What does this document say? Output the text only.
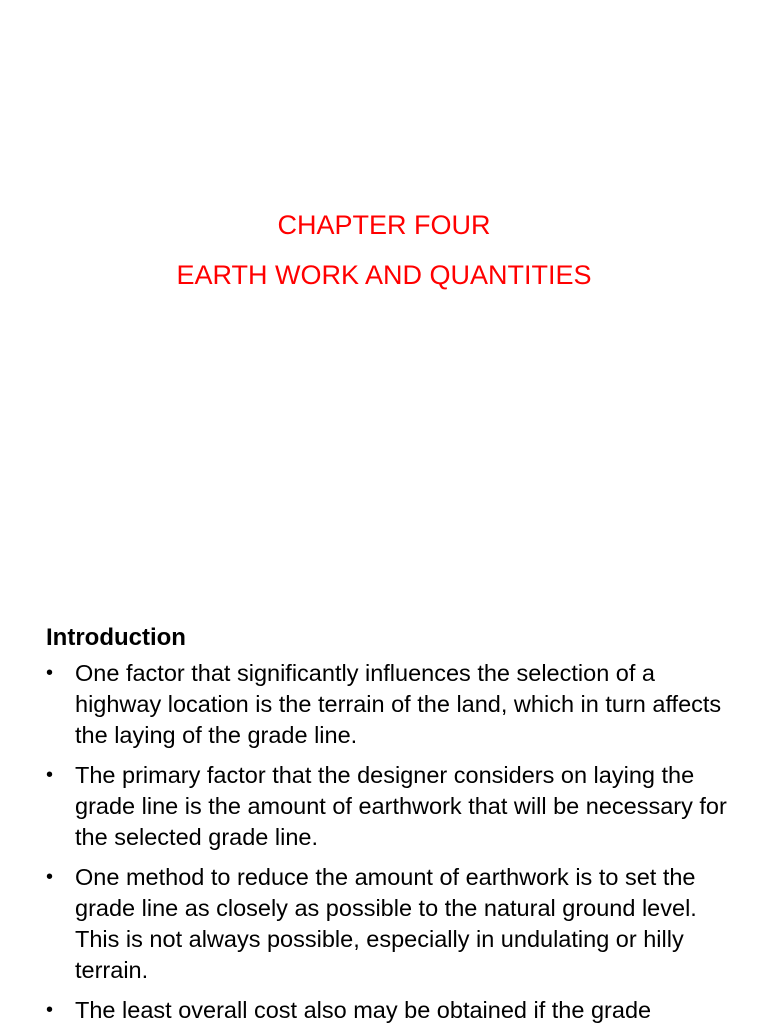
CHAPTER FOUR
EARTH WORK AND QUANTITIES
Introduction
• One factor that significantly influences the selection of a highway location is the terrain of the land, which in turn affects the laying of the grade line.
• The primary factor that the designer considers on laying the grade line is the amount of earthwork that will be necessary for the selected grade line.
• One method to reduce the amount of earthwork is to set the grade line as closely as possible to the natural ground level. This is not always possible, especially in undulating or hilly terrain.
• The least overall cost also may be obtained if the grade
